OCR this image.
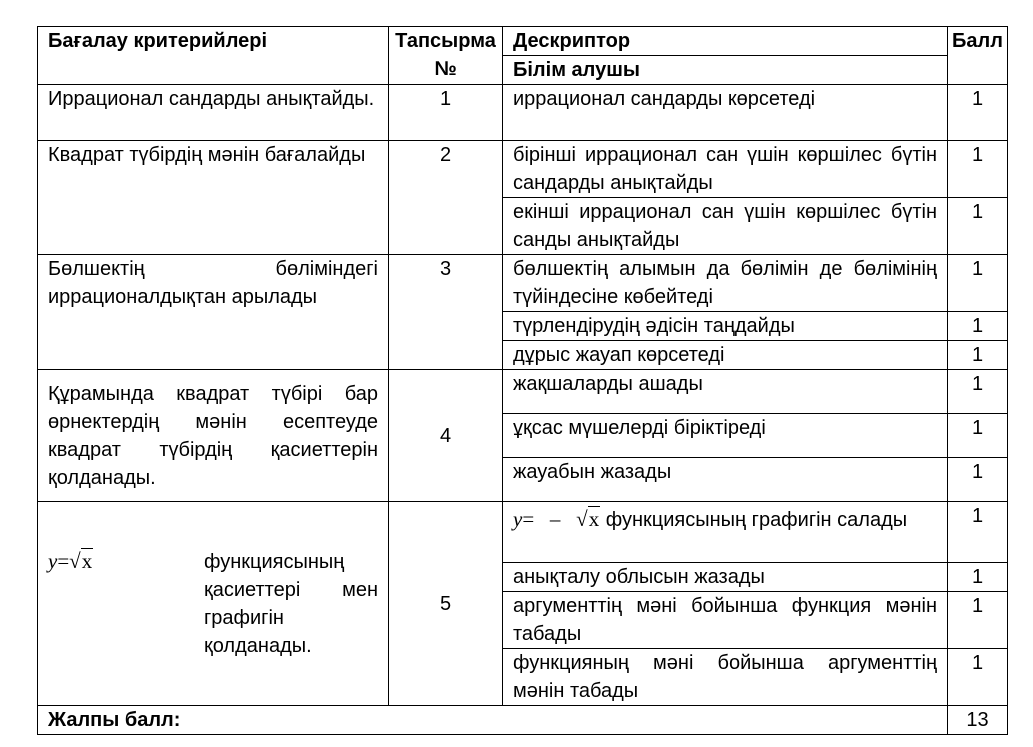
Бағалау критерийлері	Тапсырма №	Дескриптор	Балл
		Білім алушы	
Иррационал сандарды анықтайды.	1	иррационал сандарды көрсетеді	1
Квадрат түбірдің мәнін бағалайды	2	бірінші иррационал сан үшін көршілес бүтін сандарды анықтайды	1
		екінші иррационал сан үшін көршілес бүтін санды анықтайды	1
Бөлшектің бөліміндегі иррационалдықтан арылады	3	бөлшектің алымын да бөлімін де бөлімінің түйіндесіне көбейтеді	1
		түрлендірудің әдісін таңдайды	1
		дұрыс жауап көрсетеді	1
Құрамында квадрат түбірі бар өрнектердің мәнін есептеуде квадрат түбірдің қасиеттерін қолданады.	4	жақшаларды ашады	1
		ұқсас мүшелерді біріктіреді	1
		жауабын жазады	1

y=√x функциясының қасиеттері мен графигін қолданады.	5	y= – √x функциясының графигін салады	1
		анықталу облысын жазады	1
		аргументтің мәні бойынша функция мәнін табады	1
		функцияның мәні бойынша аргументтің мәнін табады	1
Жалпы балл:			13
